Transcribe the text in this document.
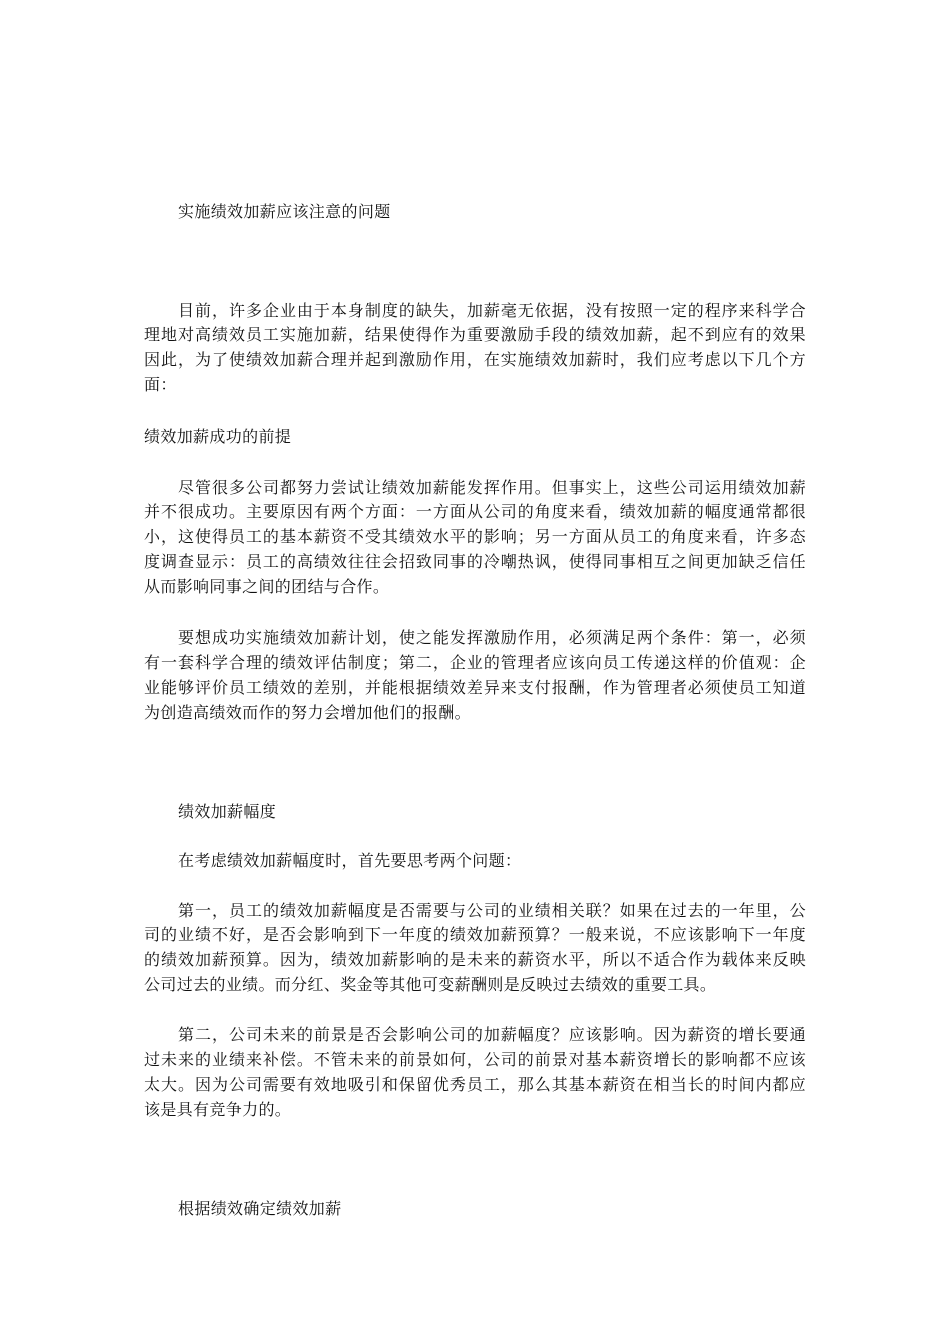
实施绩效加薪应该注意的问题
目前，许多企业由于本身制度的缺失，加薪毫无依据，没有按照一定的程序来科学合
理地对高绩效员工实施加薪，结果使得作为重要激励手段的绩效加薪，起不到应有的效果
因此，为了使绩效加薪合理并起到激励作用，在实施绩效加薪时，我们应考虑以下几个方
面：
绩效加薪成功的前提
尽管很多公司都努力尝试让绩效加薪能发挥作用。但事实上，这些公司运用绩效加薪
并不很成功。主要原因有两个方面：一方面从公司的角度来看，绩效加薪的幅度通常都很
小，这使得员工的基本薪资不受其绩效水平的影响；另一方面从员工的角度来看，许多态
度调查显示：员工的高绩效往往会招致同事的冷嘲热讽，使得同事相互之间更加缺乏信任
从而影响同事之间的团结与合作。
要想成功实施绩效加薪计划，使之能发挥激励作用，必须满足两个条件：第一，必须
有一套科学合理的绩效评估制度；第二，企业的管理者应该向员工传递这样的价值观：企
业能够评价员工绩效的差别，并能根据绩效差异来支付报酬，作为管理者必须使员工知道
为创造高绩效而作的努力会增加他们的报酬。
绩效加薪幅度
在考虑绩效加薪幅度时，首先要思考两个问题：
第一，员工的绩效加薪幅度是否需要与公司的业绩相关联？如果在过去的一年里，公
司的业绩不好，是否会影响到下一年度的绩效加薪预算？一般来说，不应该影响下一年度
的绩效加薪预算。因为，绩效加薪影响的是未来的薪资水平，所以不适合作为载体来反映
公司过去的业绩。而分红、奖金等其他可变薪酬则是反映过去绩效的重要工具。
第二，公司未来的前景是否会影响公司的加薪幅度？应该影响。因为薪资的增长要通
过未来的业绩来补偿。不管未来的前景如何，公司的前景对基本薪资增长的影响都不应该
太大。因为公司需要有效地吸引和保留优秀员工，那么其基本薪资在相当长的时间内都应
该是具有竞争力的。
根据绩效确定绩效加薪
